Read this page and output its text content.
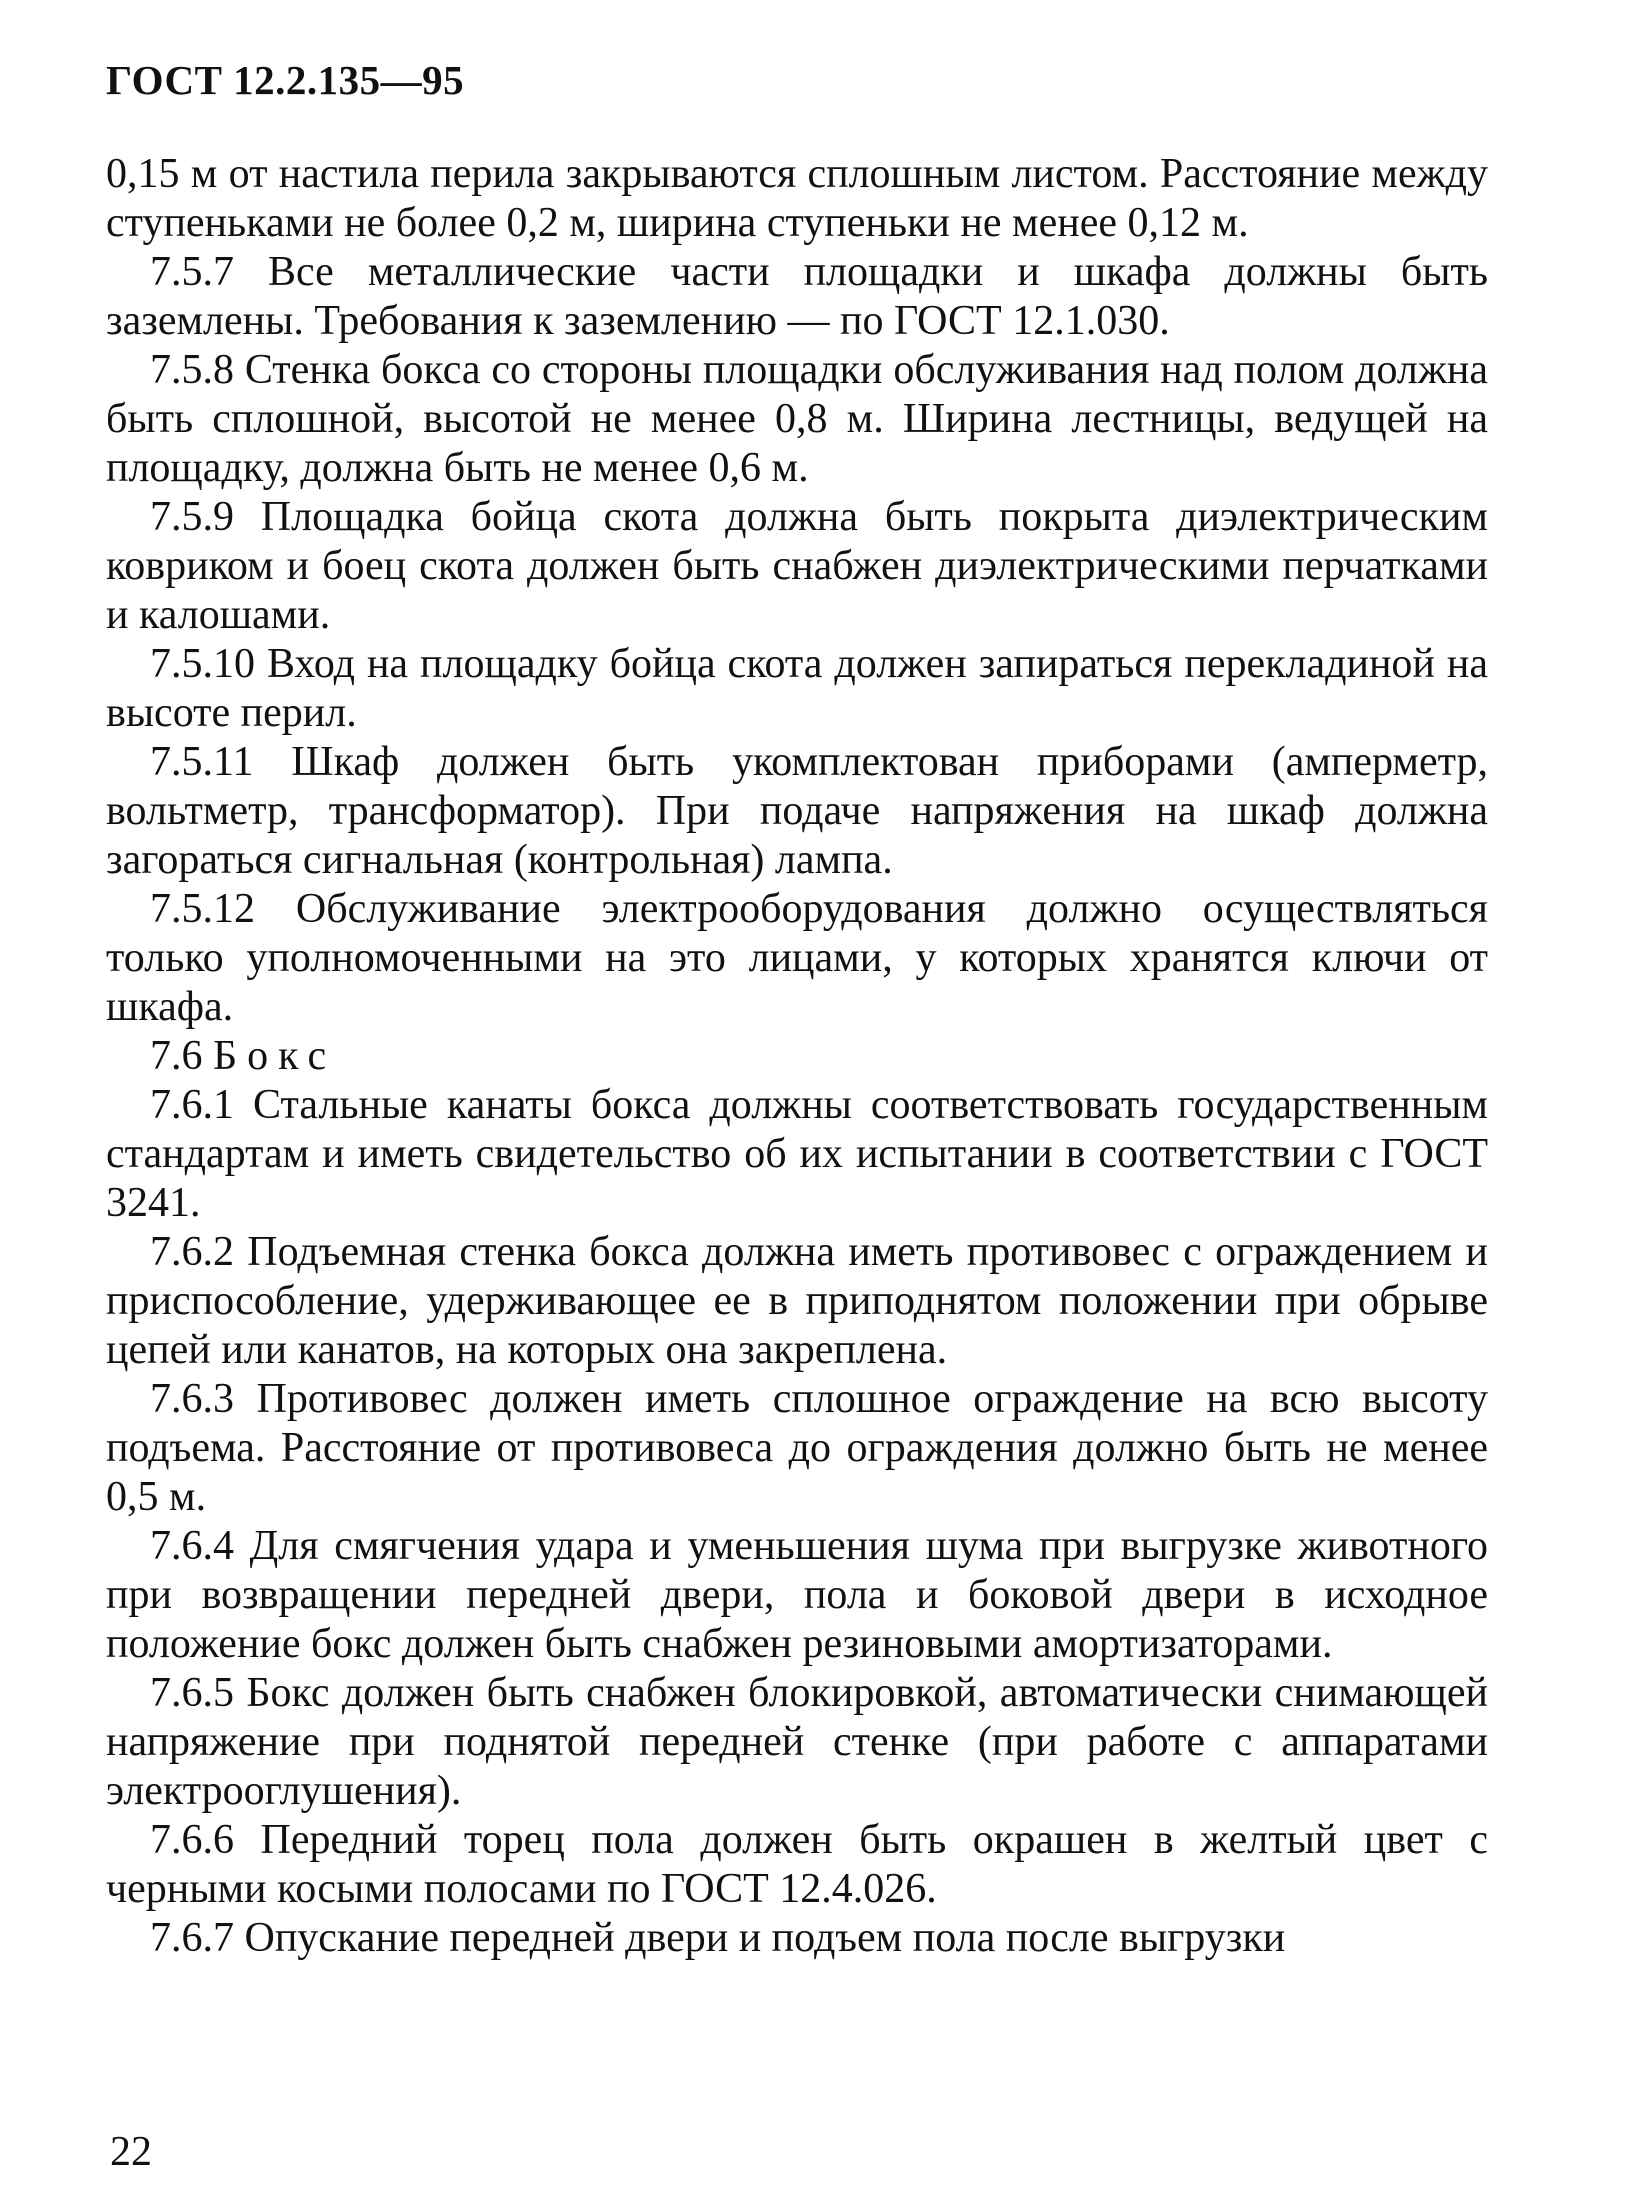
ГОСТ 12.2.135—95

0,15 м от настила перила закрываются сплошным листом. Расстояние между ступеньками не более 0,2 м, ширина ступеньки не менее 0,12 м.

7.5.7 Все металлические части площадки и шкафа должны быть заземлены. Требования к заземлению — по ГОСТ 12.1.030.

7.5.8 Стенка бокса со стороны площадки обслуживания над полом должна быть сплошной, высотой не менее 0,8 м. Ширина лестницы, ведущей на площадку, должна быть не менее 0,6 м.

7.5.9 Площадка бойца скота должна быть покрыта диэлектрическим ковриком и боец скота должен быть снабжен диэлектрическими перчатками и калошами.

7.5.10 Вход на площадку бойца скота должен запираться перекладиной на высоте перил.

7.5.11 Шкаф должен быть укомплектован приборами (амперметр, вольтметр, трансформатор). При подаче напряжения на шкаф должна загораться сигнальная (контрольная) лампа.

7.5.12 Обслуживание электрооборудования должно осуществляться только уполномоченными на это лицами, у которых хранятся ключи от шкафа.

7.6 Бокс

7.6.1 Стальные канаты бокса должны соответствовать государственным стандартам и иметь свидетельство об их испытании в соответствии с ГОСТ 3241.

7.6.2 Подъемная стенка бокса должна иметь противовес с ограждением и приспособление, удерживающее ее в приподнятом положении при обрыве цепей или канатов, на которых она закреплена.

7.6.3 Противовес должен иметь сплошное ограждение на всю высоту подъема. Расстояние от противовеса до ограждения должно быть не менее 0,5 м.

7.6.4 Для смягчения удара и уменьшения шума при выгрузке животного при возвращении передней двери, пола и боковой двери в исходное положение бокс должен быть снабжен резиновыми амортизаторами.

7.6.5 Бокс должен быть снабжен блокировкой, автоматически снимающей напряжение при поднятой передней стенке (при работе с аппаратами электрооглушения).

7.6.6 Передний торец пола должен быть окрашен в желтый цвет с черными косыми полосами по ГОСТ 12.4.026.

7.6.7 Опускание передней двери и подъем пола после выгрузки

22
